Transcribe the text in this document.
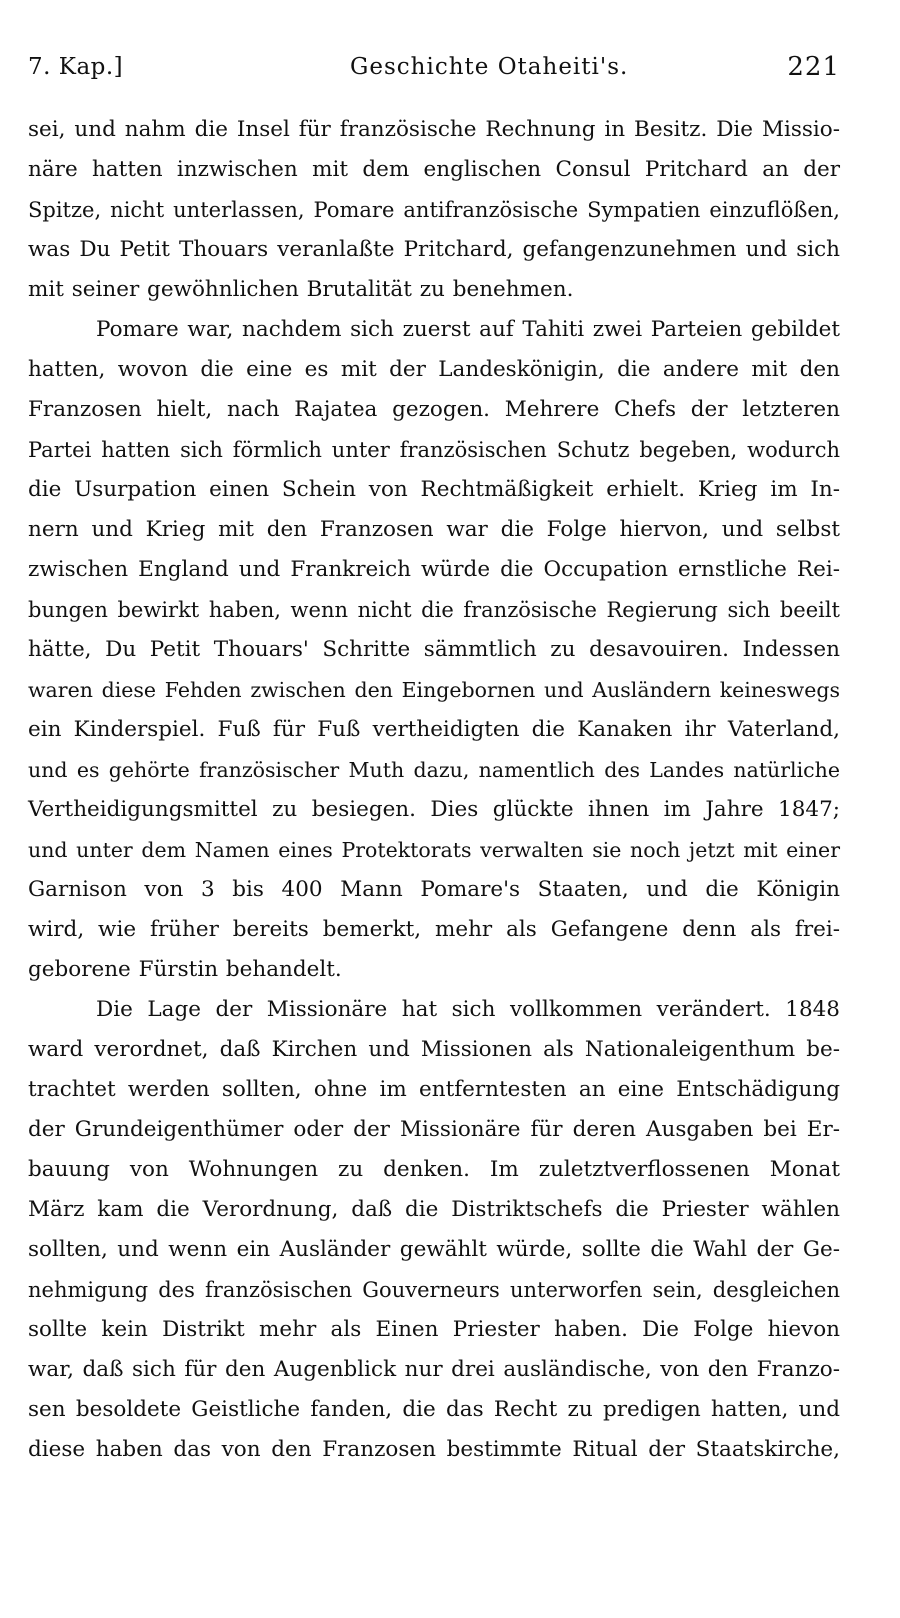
7. Kap.]	Geschichte Otaheiti's.	221
sei, und nahm die Insel für französische Rechnung in Besitz. Die Missio-
näre hatten inzwischen mit dem englischen Consul Pritchard an der
Spitze, nicht unterlassen, Pomare antifranzösische Sympatien einzuflößen,
was Du Petit Thouars veranlaßte Pritchard, gefangenzunehmen und sich
mit seiner gewöhnlichen Brutalität zu benehmen.
Pomare war, nachdem sich zuerst auf Tahiti zwei Parteien gebildet
hatten, wovon die eine es mit der Landeskönigin, die andere mit den
Franzosen hielt, nach Rajatea gezogen. Mehrere Chefs der letzteren
Partei hatten sich förmlich unter französischen Schutz begeben, wodurch
die Usurpation einen Schein von Rechtmäßigkeit erhielt. Krieg im In-
nern und Krieg mit den Franzosen war die Folge hiervon, und selbst
zwischen England und Frankreich würde die Occupation ernstliche Rei-
bungen bewirkt haben, wenn nicht die französische Regierung sich beeilt
hätte, Du Petit Thouars' Schritte sämmtlich zu desavouiren. Indessen
waren diese Fehden zwischen den Eingebornen und Ausländern keineswegs
ein Kinderspiel. Fuß für Fuß vertheidigten die Kanaken ihr Vaterland,
und es gehörte französischer Muth dazu, namentlich des Landes natürliche
Vertheidigungsmittel zu besiegen. Dies glückte ihnen im Jahre 1847;
und unter dem Namen eines Protektorats verwalten sie noch jetzt mit einer
Garnison von 3 bis 400 Mann Pomare's Staaten, und die Königin
wird, wie früher bereits bemerkt, mehr als Gefangene denn als frei-
geborene Fürstin behandelt.
Die Lage der Missionäre hat sich vollkommen verändert. 1848
ward verordnet, daß Kirchen und Missionen als Nationaleigenthum be-
trachtet werden sollten, ohne im entferntesten an eine Entschädigung
der Grundeigenthümer oder der Missionäre für deren Ausgaben bei Er-
bauung von Wohnungen zu denken. Im zuletztverflossenen Monat
März kam die Verordnung, daß die Distriktschefs die Priester wählen
sollten, und wenn ein Ausländer gewählt würde, sollte die Wahl der Ge-
nehmigung des französischen Gouverneurs unterworfen sein, desgleichen
sollte kein Distrikt mehr als Einen Priester haben. Die Folge hievon
war, daß sich für den Augenblick nur drei ausländische, von den Franzo-
sen besoldete Geistliche fanden, die das Recht zu predigen hatten, und
diese haben das von den Franzosen bestimmte Ritual der Staatskirche,
